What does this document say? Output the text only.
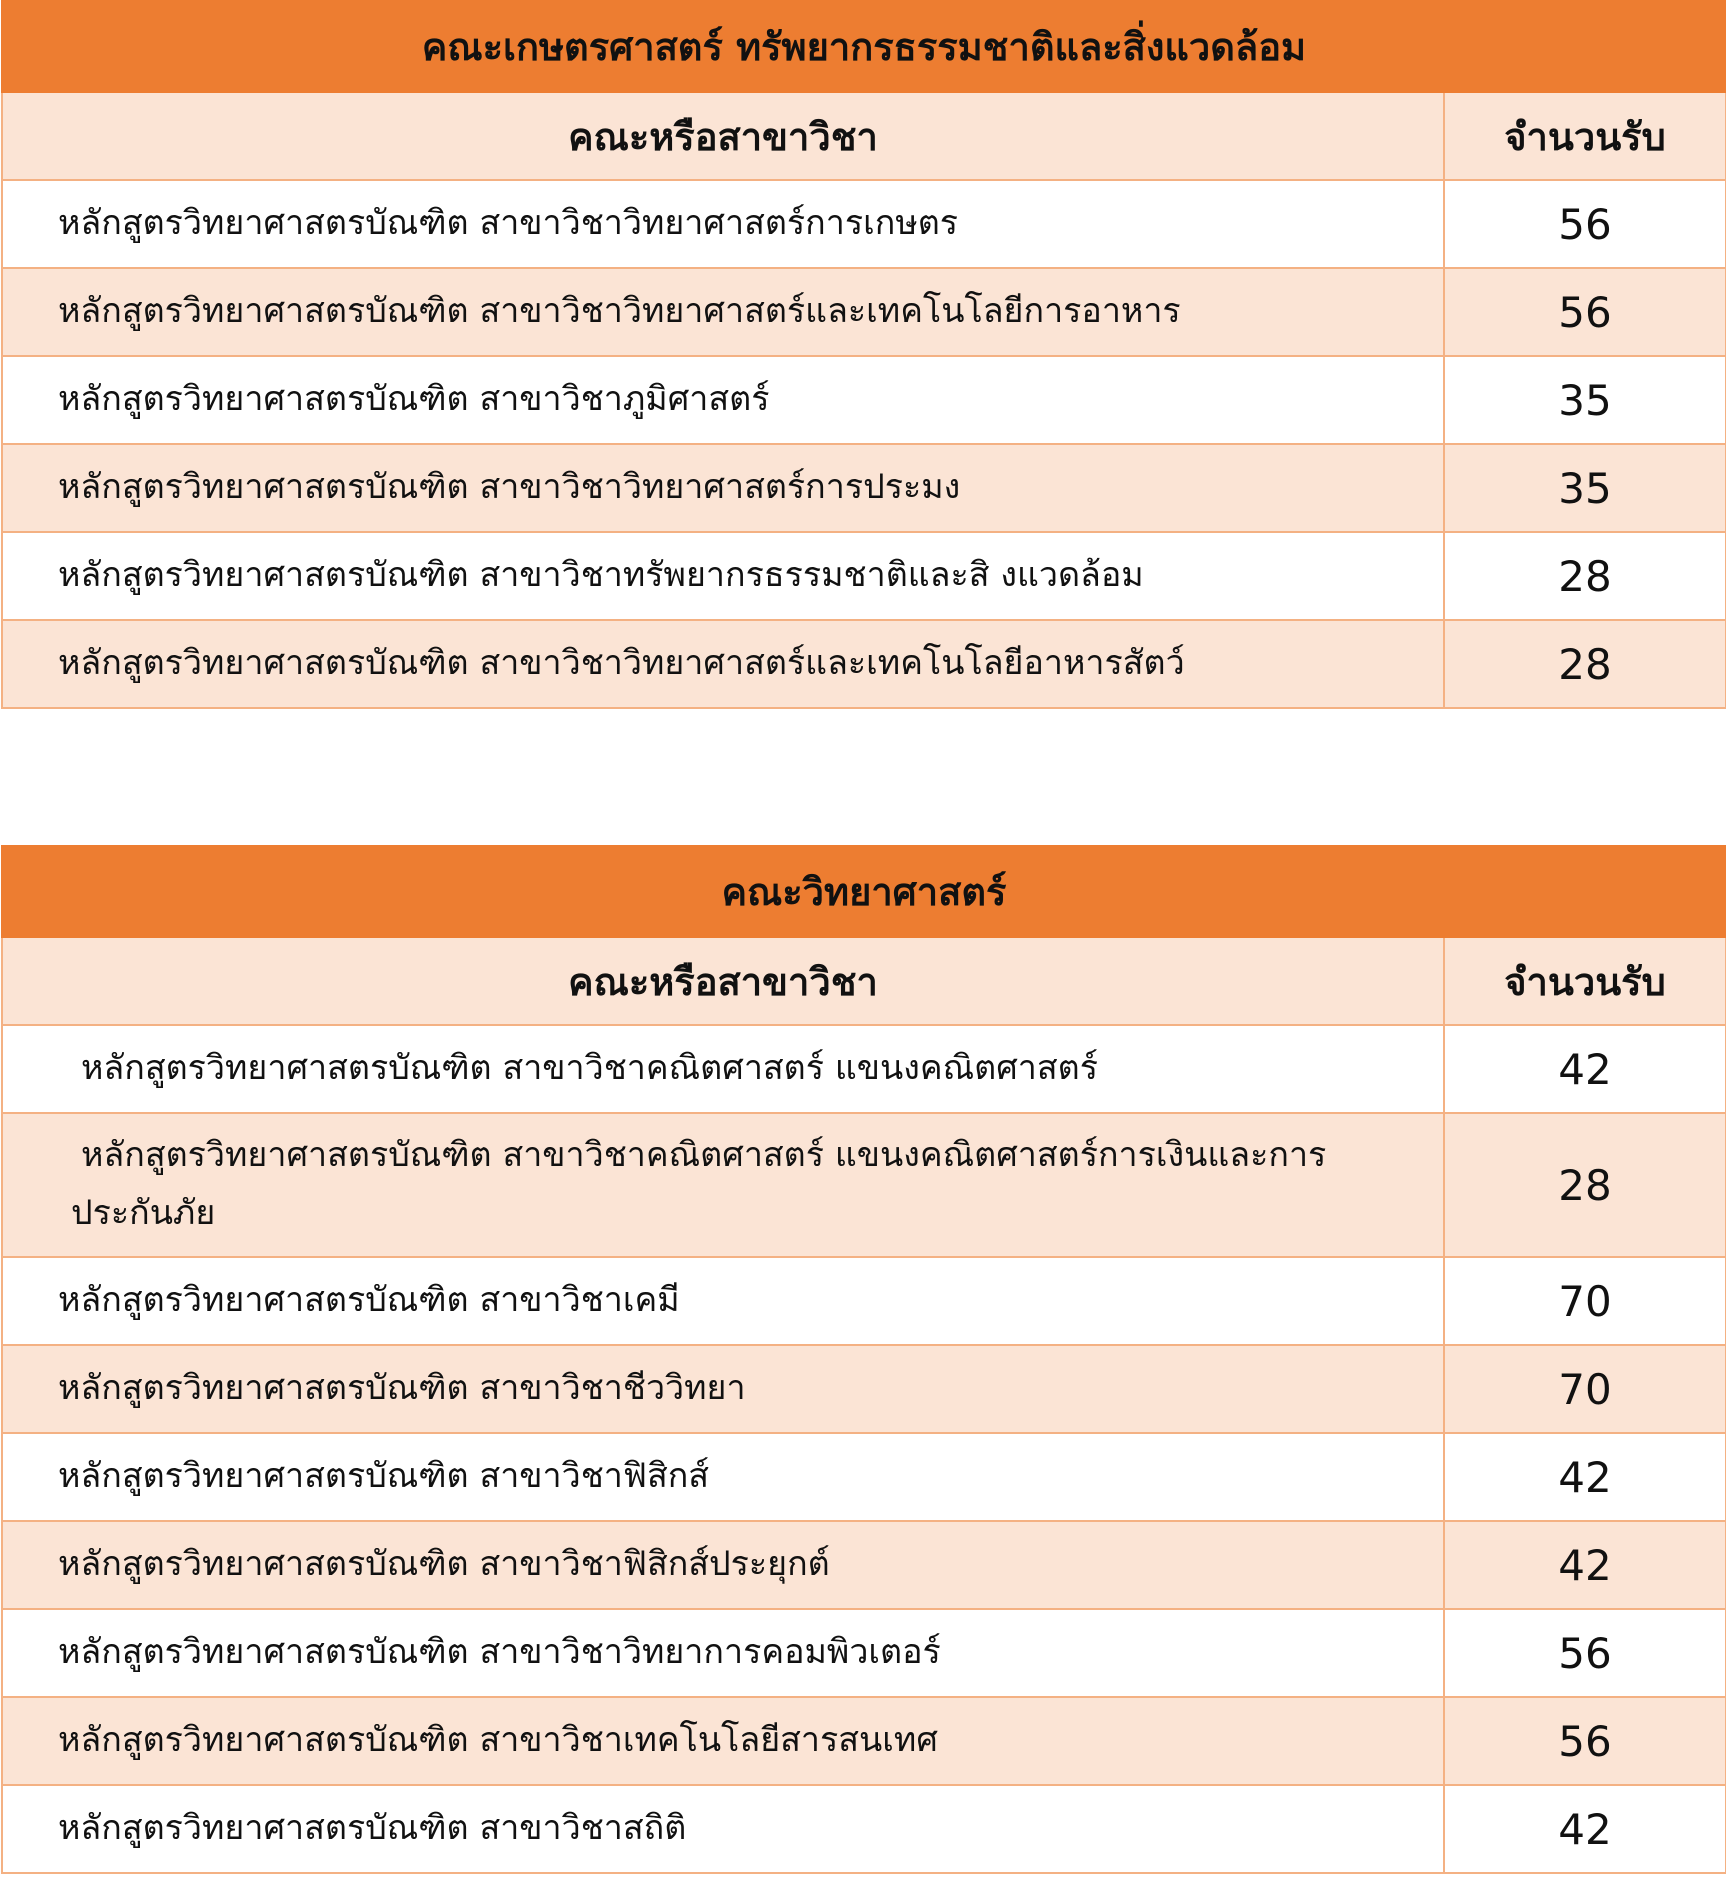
คณะเกษตรศาสตร์ ทรัพยากรธรรมชาติและสิ่งแวดล้อม	
คณะหรือสาขาวิชา	จำนวนรับ
หลักสูตรวิทยาศาสตรบัณฑิต สาขาวิชาวิทยาศาสตร์การเกษตร	56
หลักสูตรวิทยาศาสตรบัณฑิต สาขาวิชาวิทยาศาสตร์และเทคโนโลยีการอาหาร	56
หลักสูตรวิทยาศาสตรบัณฑิต สาขาวิชาภูมิศาสตร์	35
หลักสูตรวิทยาศาสตรบัณฑิต สาขาวิชาวิทยาศาสตร์การประมง	35
หลักสูตรวิทยาศาสตรบัณฑิต สาขาวิชาทรัพยากรธรรมชาติและสิ งแวดล้อม	28
หลักสูตรวิทยาศาสตรบัณฑิต สาขาวิชาวิทยาศาสตร์และเทคโนโลยีอาหารสัตว์	28
คณะวิทยาศาสตร์	
คณะหรือสาขาวิชา	จำนวนรับ
หลักสูตรวิทยาศาสตรบัณฑิต สาขาวิชาคณิตศาสตร์ แขนงคณิตศาสตร์	42
หลักสูตรวิทยาศาสตรบัณฑิต สาขาวิชาคณิตศาสตร์ แขนงคณิตศาสตร์การเงินและการ
ประกันภัย	28
หลักสูตรวิทยาศาสตรบัณฑิต สาขาวิชาเคมี	70
หลักสูตรวิทยาศาสตรบัณฑิต สาขาวิชาชีววิทยา	70
หลักสูตรวิทยาศาสตรบัณฑิต สาขาวิชาฟิสิกส์	42
หลักสูตรวิทยาศาสตรบัณฑิต สาขาวิชาฟิสิกส์ประยุกต์	42
หลักสูตรวิทยาศาสตรบัณฑิต สาขาวิชาวิทยาการคอมพิวเตอร์	56
หลักสูตรวิทยาศาสตรบัณฑิต สาขาวิชาเทคโนโลยีสารสนเทศ	56
หลักสูตรวิทยาศาสตรบัณฑิต สาขาวิชาสถิติ	42
